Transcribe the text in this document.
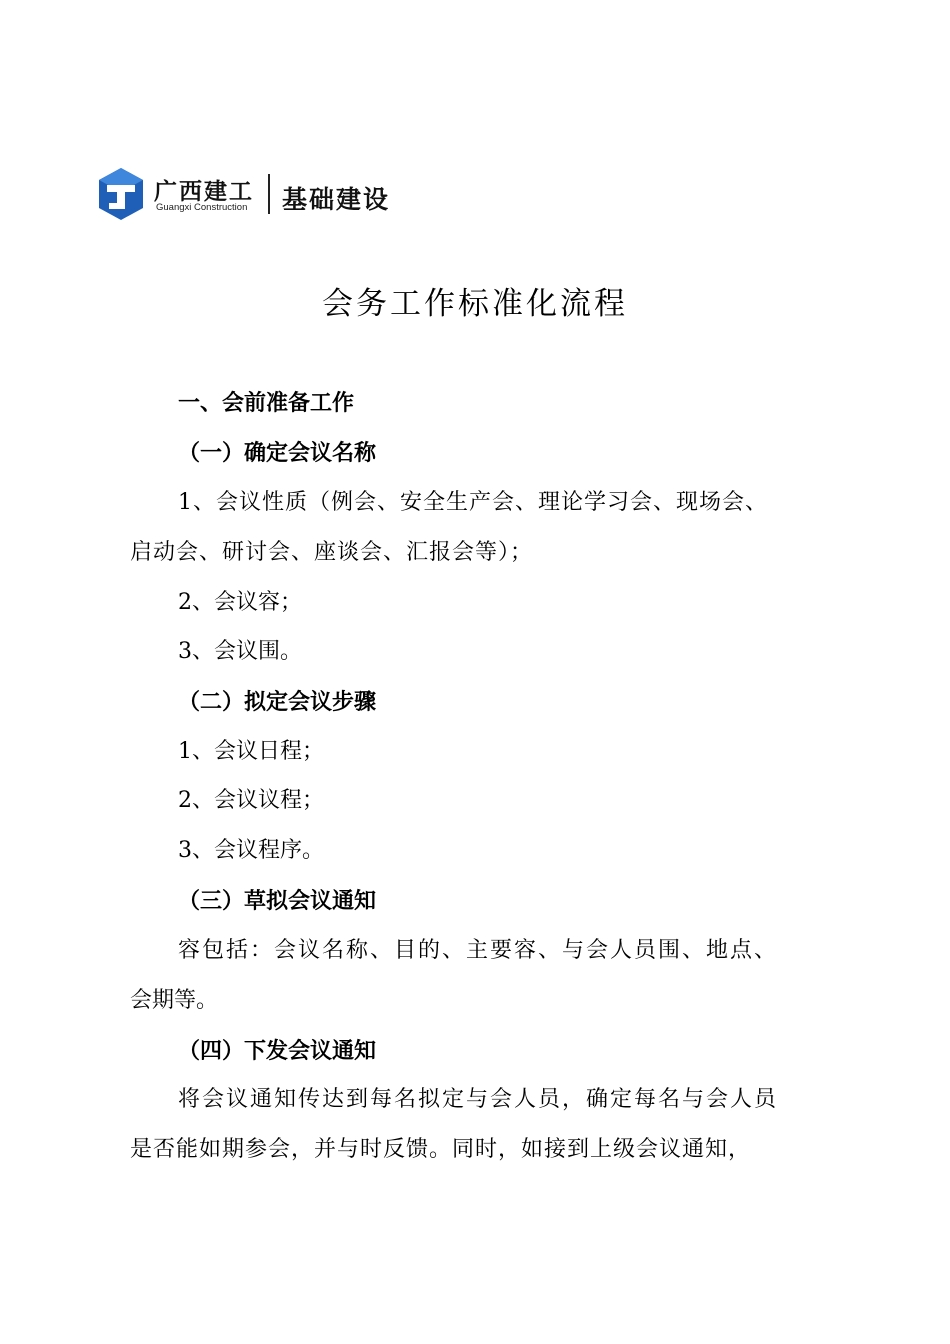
广西建工
Guangxi Construction 基础建设
会务工作标准化流程
一、会前准备工作
（一）确定会议名称
1、会议性质（例会、安全生产会、理论学习会、现场会、
启动会、研讨会、座谈会、汇报会等）；
2、会议容；
3、会议围。
（二）拟定会议步骤
1、会议日程；
2、会议议程；
3、会议程序。
（三）草拟会议通知
容包括：会议名称、目的、主要容、与会人员围、地点、
会期等。
（四）下发会议通知
将会议通知传达到每名拟定与会人员，确定每名与会人员
是否能如期参会，并与时反馈。同时，如接到上级会议通知，
